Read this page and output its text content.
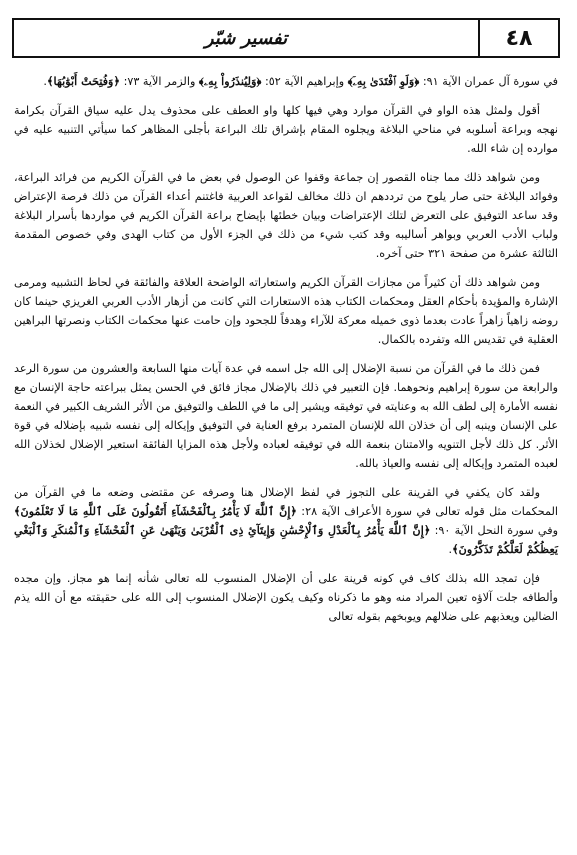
تفسير شبّر	٤٨

في سورة آل عمران الآية ٩١: ﴿وَلَوِ ٱفْتَدَىٰ بِهِۦٓ﴾ وإبراهيم الآية ٥٢: ﴿وَلِيُنذَرُواْ بِهِۦ﴾ والزمر الآية ٧٣: ﴿وَفُتِحَتْ أَبْوَٰبُهَا﴾.

أقول ولمثل هذه الواو في القرآن موارد وهي فيها كلها واو العطف على محذوف يدل عليه سياق القرآن بكرامة نهجه وبراعة أسلوبه في مناحي البلاغة ويجلوه المقام بإشراق تلك البراعة بأجلى المظاهر كما سيأتي التنبيه عليه في موارده إن شاء الله.

ومن شواهد ذلك مما جناه القصور إن جماعة وقفوا عن الوصول في بعض ما في القرآن الكريم من فرائد البراعة، وفوائد البلاغة حتى صار يلوح من ترددهم ان ذلك مخالف لقواعد العربية فاغتنم أعداء القرآن من ذلك فرصة الإعتراض وقد ساعد التوفيق على التعرض لتلك الإعتراضات وبيان خطئها بإيضاح براعة القرآن الكريم في مواردها بأسرار البلاغة ولباب الأدب العربي وبواهر أساليبه وقد كتب شيء من ذلك في الجزء الأول من كتاب الهدى وفي خصوص المقدمة الثالثة عشرة من صفحة ٣٢١ حتى آخره.

ومن شواهد ذلك أن كثيراً من مجازات القرآن الكريم واستعاراته الواضحة العلاقة والفائقة في لحاظ التشبيه ومرمى الإشارة والمؤيدة بأحكام العقل ومحكمات الكتاب هذه الاستعارات التي كانت من أزهار الأدب العربي الغريزي حينما كان روضه زاهياً زاهراً عادت بعدما ذوى خميله معركة للآراء وهدفاً للجحود وإن حامت عنها محكمات الكتاب ونصرتها البراهين العقلية في تقديس الله وتفرده بالكمال.

فمن ذلك ما في القرآن من نسبة الإضلال إلى الله جل اسمه في عدة آيات منها السابعة والعشرون من سورة الرعد والرابعة من سورة إبراهيم ونحوهما. فإن التعبير في ذلك بالإضلال مجاز فائق في الحسن يمثل ببراعته حاجة الإنسان مع نفسه الأمارة إلى لطف الله به وعنايته في توفيقه ويشير إلى ما في اللطف والتوفيق من الأثر الشريف الكبير في النعمة على الإنسان وينبه إلى أن خذلان الله للإنسان المتمرد برفع العناية في التوفيق وإيكاله إلى نفسه شبيه بإضلاله في قوة الأثر. كل ذلك لأجل التنويه والامتنان بنعمة الله في توفيقه لعباده ولأجل هذه المزايا الفائقة استعير الإضلال لخذلان الله لعبده المتمرد وإيكاله إلى نفسه والعياذ بالله.

ولقد كان يكفي في القرينة على التجوز في لفظ الإضلال هنا وصرفه عن مقتضى وضعه ما في القرآن من المحكمات مثل قوله تعالى في سورة الأعراف الآية ٢٨: ﴿إِنَّ ٱللَّهَ لَا يَأْمُرُ بِٱلْفَحْشَآءِ أَتَقُولُونَ عَلَى ٱللَّهِ مَا لَا تَعْلَمُونَ﴾ وفي سورة النحل الآية ٩٠: ﴿إِنَّ ٱللَّهَ يَأْمُرُ بِٱلْعَدْلِ وَٱلْإِحْسَٰنِ وَإِيتَآئِ ذِى ٱلْقُرْبَىٰ وَيَنْهَىٰ عَنِ ٱلْفَحْشَآءِ وَٱلْمُنكَرِ وَٱلْبَغْىِ يَعِظُكُمْ لَعَلَّكُمْ تَذَكَّرُونَ﴾.

فإن تمجد الله بذلك كاف في كونه قرينة على أن الإضلال المنسوب لله تعالى شأنه إنما هو مجاز. وإن مجده وألطافه جلت آلاؤه تعين المراد منه وهو ما ذكرناه وكيف يكون الإضلال المنسوب إلى الله على حقيقته مع أن الله يذم الضالين ويعذبهم على ضلالهم ويوبخهم بقوله تعالى
